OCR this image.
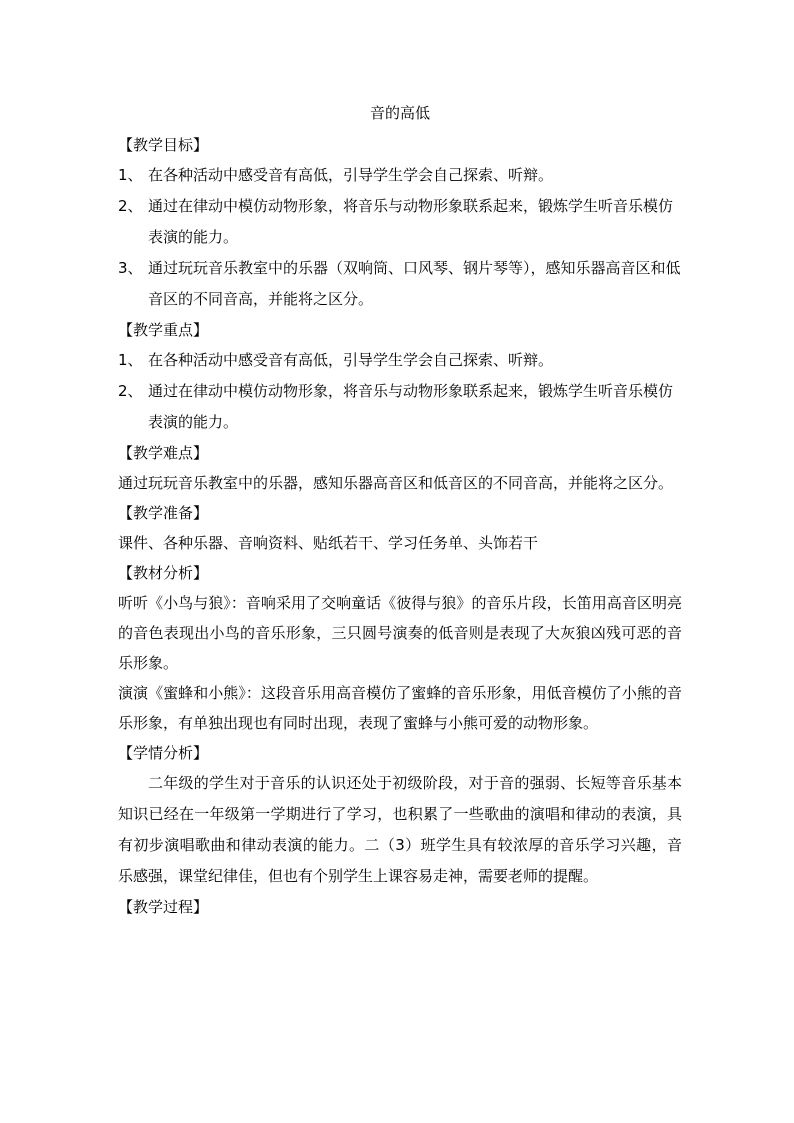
音的高低
【教学目标】
1、 在各种活动中感受音有高低，引导学生学会自己探索、听辩。
2、 通过在律动中模仿动物形象，将音乐与动物形象联系起来，锻炼学生听音乐模仿表演的能力。
3、 通过玩玩音乐教室中的乐器（双响筒、口风琴、钢片琴等），感知乐器高音区和低音区的不同音高，并能将之区分。
【教学重点】
1、 在各种活动中感受音有高低，引导学生学会自己探索、听辩。
2、 通过在律动中模仿动物形象，将音乐与动物形象联系起来，锻炼学生听音乐模仿表演的能力。
【教学难点】

通过玩玩音乐教室中的乐器，感知乐器高音区和低音区的不同音高，并能将之区分。

【教学准备】

课件、各种乐器、音响资料、贴纸若干、学习任务单、头饰若干

【教材分析】

听听《小鸟与狼》：音响采用了交响童话《彼得与狼》的音乐片段，长笛用高音区明亮的音色表现出小鸟的音乐形象，三只圆号演奏的低音则是表现了大灰狼凶残可恶的音乐形象。

演演《蜜蜂和小熊》：这段音乐用高音模仿了蜜蜂的音乐形象，用低音模仿了小熊的音乐形象，有单独出现也有同时出现，表现了蜜蜂与小熊可爱的动物形象。

【学情分析】

二年级的学生对于音乐的认识还处于初级阶段，对于音的强弱、长短等音乐基本知识已经在一年级第一学期进行了学习，也积累了一些歌曲的演唱和律动的表演，具有初步演唱歌曲和律动表演的能力。二（3）班学生具有较浓厚的音乐学习兴趣，音乐感强，课堂纪律佳，但也有个别学生上课容易走神，需要老师的提醒。

【教学过程】
